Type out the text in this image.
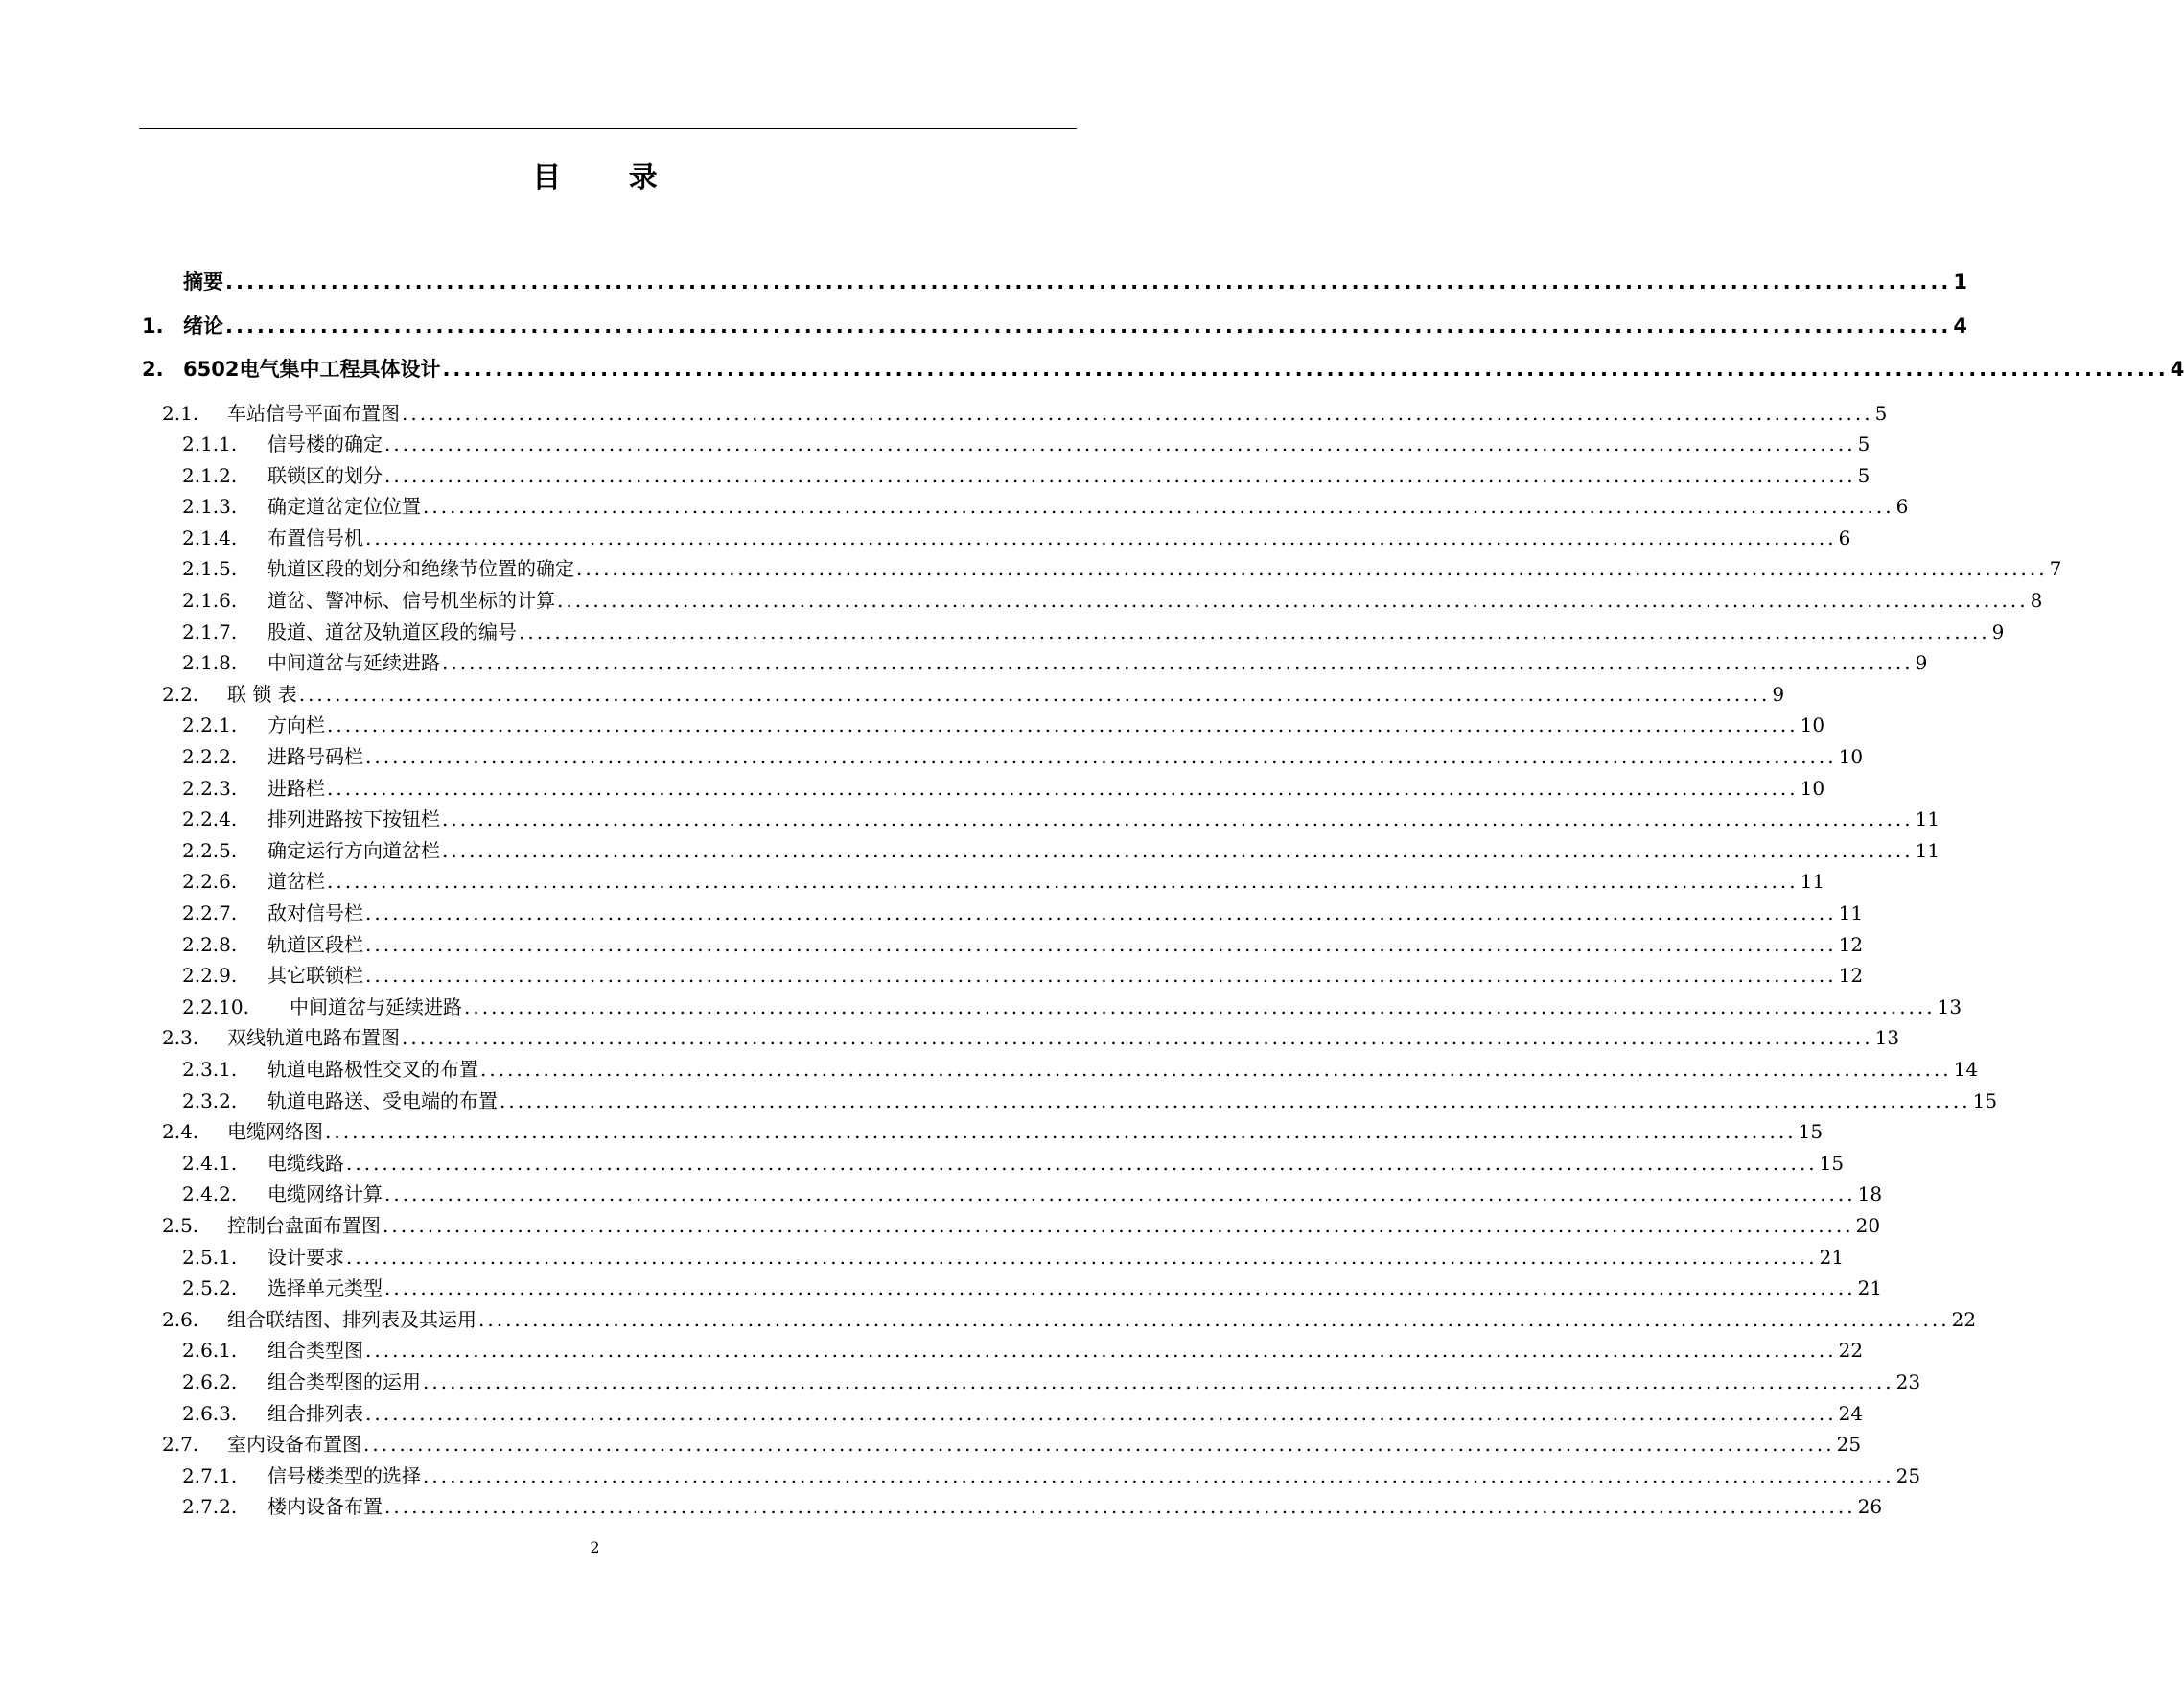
目 录
摘要 .................................................................................................................................................................... 1
1. 绪论 .................................................................................................................................................................... 4
2. 6502电气集中工程具体设计 .................................................................................................................................................................... 4
2.1.	车站信号平面布置图 .................................................................................................................................................................... 5
2.1.1.	信号楼的确定 .................................................................................................................................................................... 5
2.1.2.	联锁区的划分 .................................................................................................................................................................... 5
2.1.3.	确定道岔定位位置 .................................................................................................................................................................... 6
2.1.4.	布置信号机 .................................................................................................................................................................... 6
2.1.5.	轨道区段的划分和绝缘节位置的确定 .................................................................................................................................................................... 7
2.1.6.	道岔、警冲标、信号机坐标的计算 .................................................................................................................................................................... 8
2.1.7.	股道、道岔及轨道区段的编号 .................................................................................................................................................................... 9
2.1.8.	中间道岔与延续进路 .................................................................................................................................................................... 9
2.2.	联 锁 表 .................................................................................................................................................................... 9
2.2.1.	方向栏 .................................................................................................................................................................... 10
2.2.2.	进路号码栏 .................................................................................................................................................................... 10
2.2.3.	进路栏 .................................................................................................................................................................... 10
2.2.4.	排列进路按下按钮栏 .................................................................................................................................................................... 11
2.2.5.	确定运行方向道岔栏 .................................................................................................................................................................... 11
2.2.6.	道岔栏 .................................................................................................................................................................... 11
2.2.7.	敌对信号栏 .................................................................................................................................................................... 11
2.2.8.	轨道区段栏 .................................................................................................................................................................... 12
2.2.9.	其它联锁栏 .................................................................................................................................................................... 12
2.2.10.	中间道岔与延续进路 .................................................................................................................................................................... 13
2.3.	双线轨道电路布置图 .................................................................................................................................................................... 13
2.3.1.	轨道电路极性交叉的布置 .................................................................................................................................................................... 14
2.3.2.	轨道电路送、受电端的布置 .................................................................................................................................................................... 15
2.4.	电缆网络图 .................................................................................................................................................................... 15
2.4.1.	电缆线路 .................................................................................................................................................................... 15
2.4.2.	电缆网络计算 .................................................................................................................................................................... 18
2.5.	控制台盘面布置图 .................................................................................................................................................................... 20
2.5.1.	设计要求 .................................................................................................................................................................... 21
2.5.2.	选择单元类型 .................................................................................................................................................................... 21
2.6.	组合联结图、排列表及其运用 .................................................................................................................................................................... 22
2.6.1.	组合类型图 .................................................................................................................................................................... 22
2.6.2.	组合类型图的运用 .................................................................................................................................................................... 23
2.6.3.	组合排列表 .................................................................................................................................................................... 24
2.7.	室内设备布置图 .................................................................................................................................................................... 25
2.7.1.	信号楼类型的选择 .................................................................................................................................................................... 25
2.7.2.	楼内设备布置 .................................................................................................................................................................... 26
2
